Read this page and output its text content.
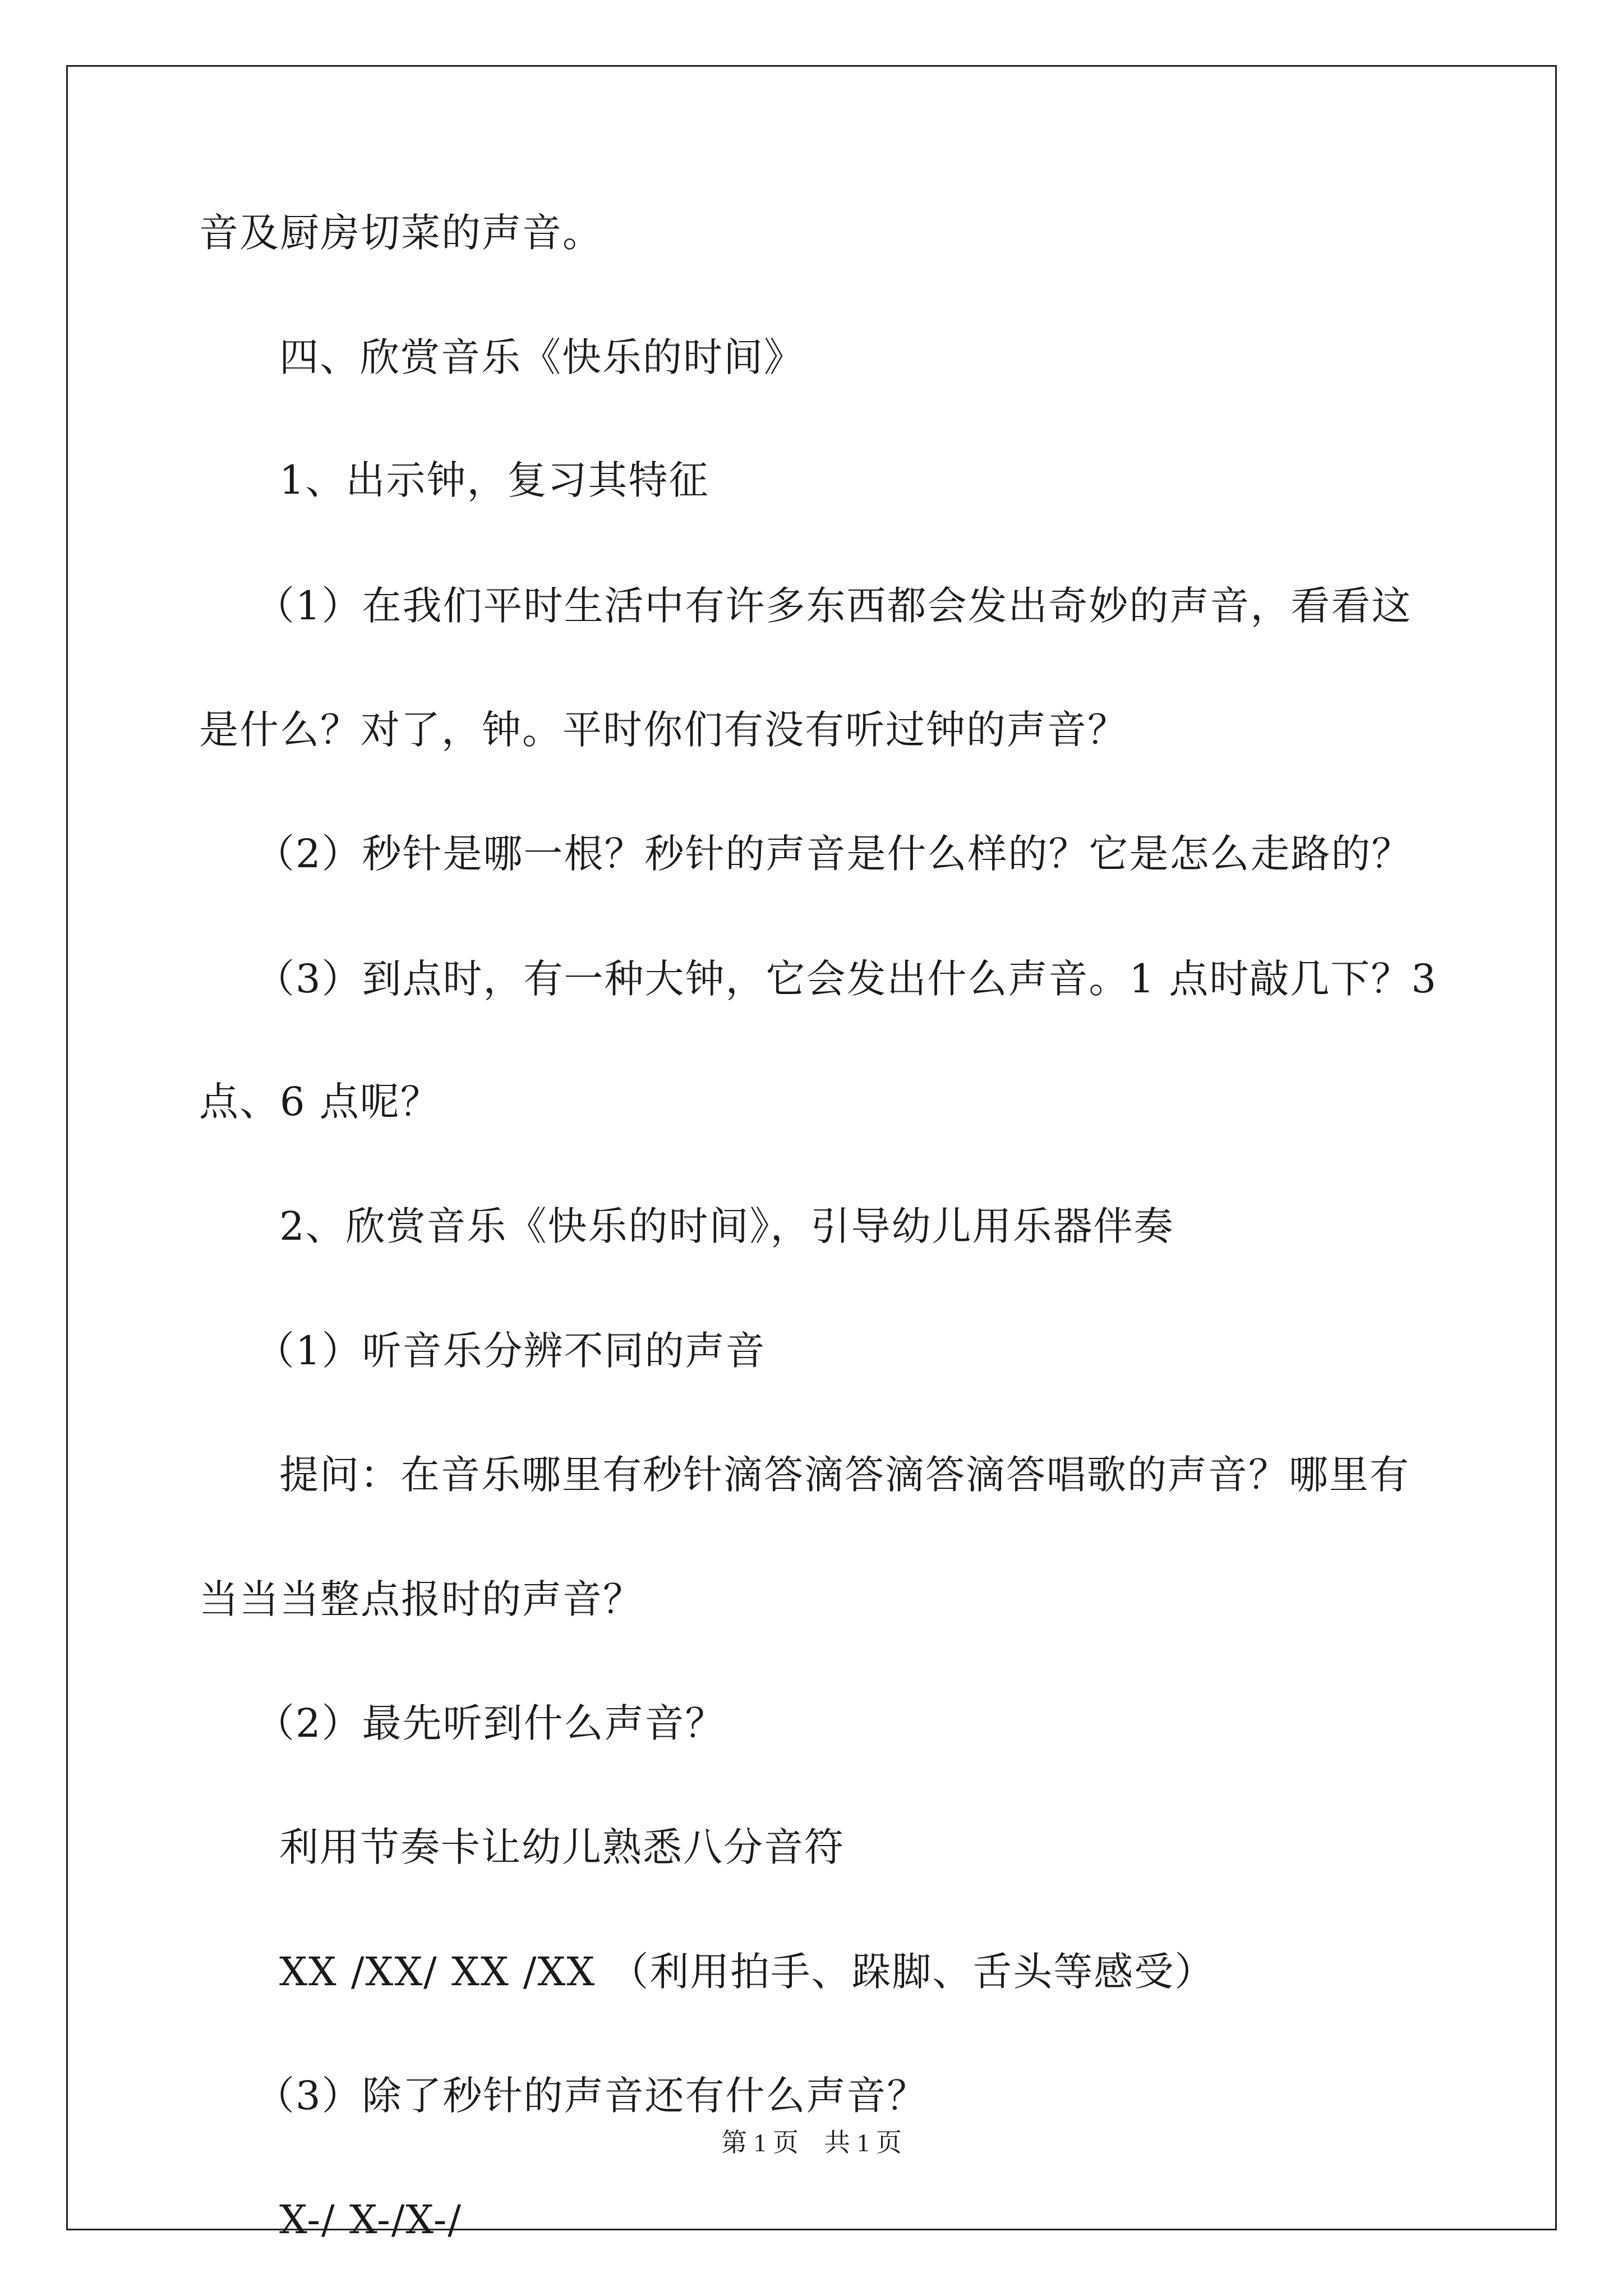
音及厨房切菜的声音。
四、欣赏音乐《快乐的时间》
1、出示钟，复习其特征
（1）在我们平时生活中有许多东西都会发出奇妙的声音，看看这
是什么？对了，钟。平时你们有没有听过钟的声音？
（2）秒针是哪一根？秒针的声音是什么样的？它是怎么走路的？
（3）到点时，有一种大钟，它会发出什么声音。1 点时敲几下？3
点、6 点呢？
2、欣赏音乐《快乐的时间》，引导幼儿用乐器伴奏
（1）听音乐分辨不同的声音
提问：在音乐哪里有秒针滴答滴答滴答滴答唱歌的声音？哪里有
当当当整点报时的声音？
（2）最先听到什么声音？
利用节奏卡让幼儿熟悉八分音符
XX /XX/ XX /XX （利用拍手、跺脚、舌头等感受）
（3）除了秒针的声音还有什么声音？
X-/ X-/X-/
第 1 页　共 1 页
